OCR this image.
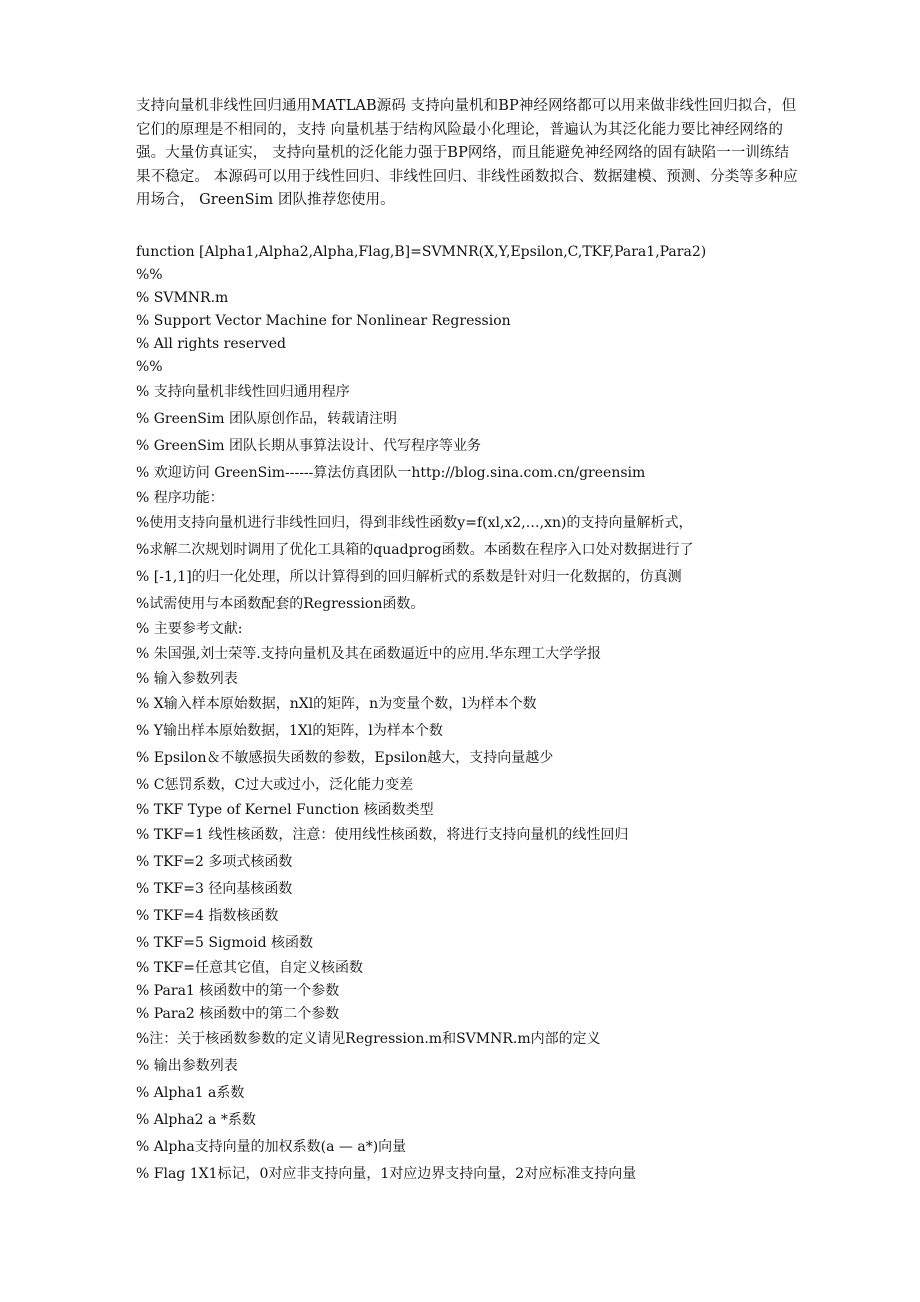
支持向量机非线性回归通用MATLAB源码 支持向量机和BP神经网络都可以用来做非线性回归拟合，但它们的原理是不相同的，支持 向量机基于结构风险最小化理论，普遍认为其泛化能力要比神经网络的强。大量仿真证实， 支持向量机的泛化能力强于BP网络，而且能避免神经网络的固有缺陷一一训练结果不稳定。 本源码可以用于线性回归、非线性回归、非线性函数拟合、数据建模、预测、分类等多种应 用场合， GreenSim 团队推荐您使用。

function [Alpha1,Alpha2,Alpha,Flag,B]=SVMNR(X,Y,Epsilon,C,TKF,Para1,Para2)
%%
% SVMNR.m
% Support Vector Machine for Nonlinear Regression
% All rights reserved
%%
% 支持向量机非线性回归通用程序
% GreenSim 团队原创作品，转载请注明
% GreenSim 团队长期从事算法设计、代写程序等业务
% 欢迎访问 GreenSim------算法仿真团队一http://blog.sina.com.cn/greensim
% 程序功能：
%使用支持向量机进行非线性回归，得到非线性函数y=f(xl,x2,…,xn)的支持向量解析式，
%求解二次规划时调用了优化工具箱的quadprog函数。本函数在程序入口处对数据进行了
% [-1,1]的归一化处理，所以计算得到的回归解析式的系数是针对归一化数据的，仿真测
%试需使用与本函数配套的Regression函数。
% 主要参考文献:
% 朱国强,刘士荣等.支持向量机及其在函数逼近中的应用.华东理工大学学报
% 输入参数列表
% X输入样本原始数据，nXl的矩阵，n为变量个数，l为样本个数
% Y输出样本原始数据，1Xl的矩阵，l为样本个数
% Epsilon＆不敏感损失函数的参数，Epsilon越大，支持向量越少
% C惩罚系数，C过大或过小，泛化能力变差
% TKF Type of Kernel Function 核函数类型
% TKF=1 线性核函数，注意：使用线性核函数，将进行支持向量机的线性回归
% TKF=2 多项式核函数
% TKF=3 径向基核函数
% TKF=4 指数核函数
% TKF=5 Sigmoid 核函数
% TKF=任意其它值，自定义核函数
% Para1 核函数中的第一个参数
% Para2 核函数中的第二个参数
%注：关于核函数参数的定义请见Regression.m和SVMNR.m内部的定义
% 输出参数列表
% Alpha1 a系数
% Alpha2 a *系数
% Alpha支持向量的加权系数(a — a*)向量
% Flag 1X1标记，0对应非支持向量，1对应边界支持向量，2对应标准支持向量
